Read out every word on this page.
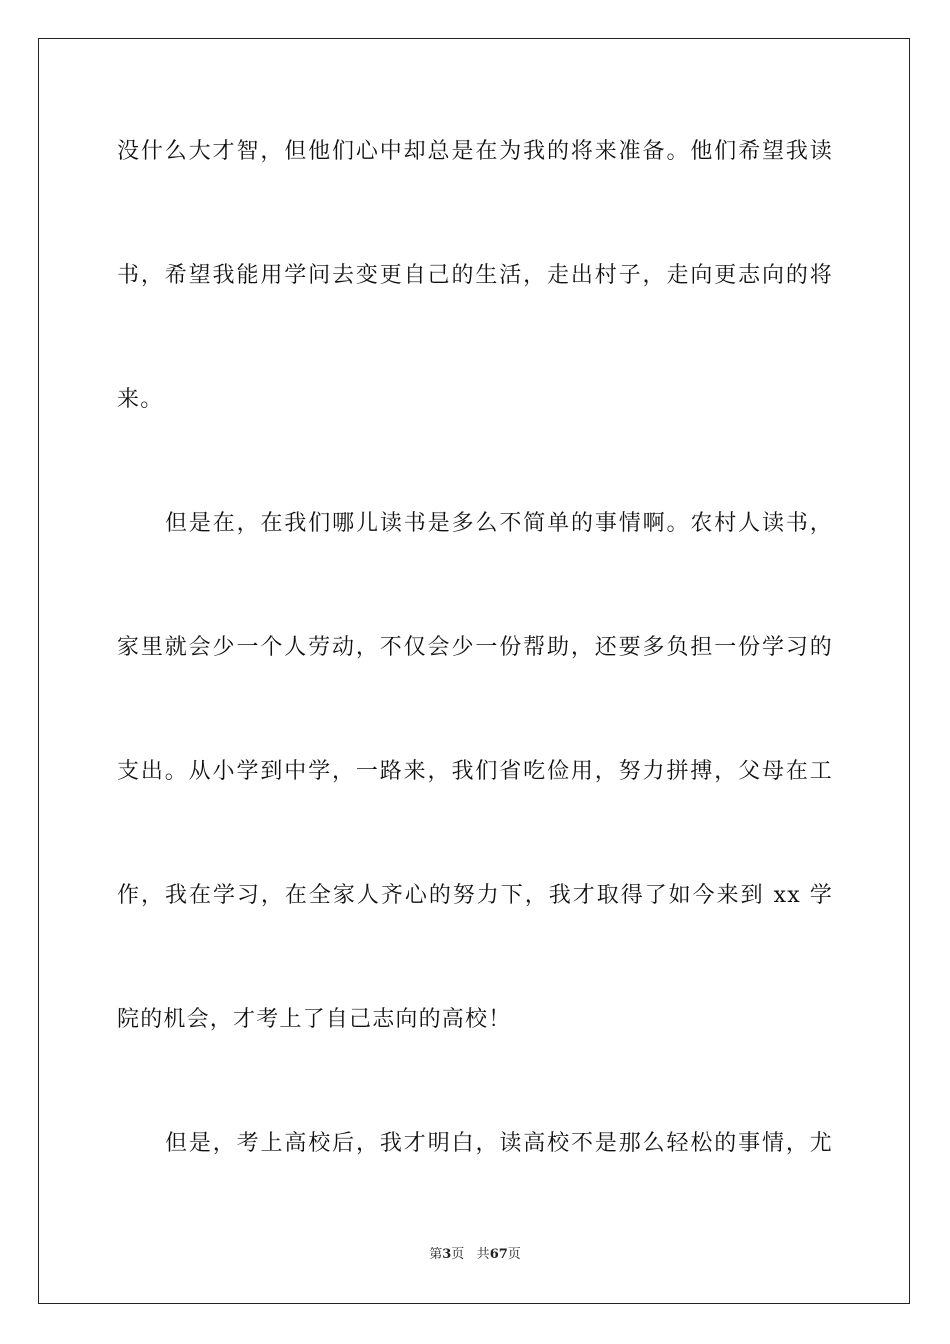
没什么大才智，但他们心中却总是在为我的将来准备。他们希望我读
书，希望我能用学问去变更自己的生活，走出村子，走向更志向的将
来。
但是在，在我们哪儿读书是多么不简单的事情啊。农村人读书，
家里就会少一个人劳动，不仅会少一份帮助，还要多负担一份学习的
支出。从小学到中学，一路来，我们省吃俭用，努力拼搏，父母在工
作，我在学习，在全家人齐心的努力下，我才取得了如今来到 xx 学
院的机会，才考上了自己志向的高校！
但是，考上高校后，我才明白，读高校不是那么轻松的事情，尤
第3页 共67页
